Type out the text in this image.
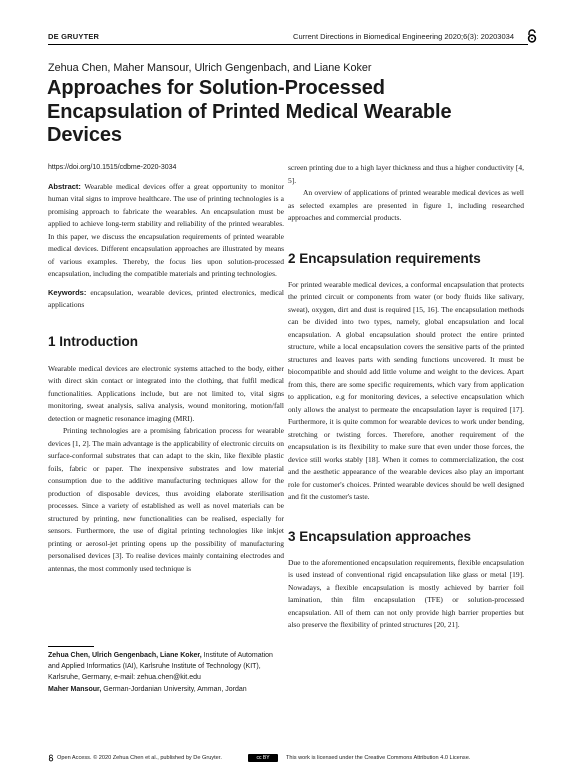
DE GRUYTER	Current Directions in Biomedical Engineering 2020;6(3): 20203034
Zehua Chen, Maher Mansour, Ulrich Gengenbach, and Liane Koker
Approaches for Solution-Processed Encapsulation of Printed Medical Wearable Devices
https://doi.org/10.1515/cdbme-2020-3034

Abstract: Wearable medical devices offer a great opportunity to monitor human vital signs to improve healthcare. The use of printing technologies is a promising approach to fabricate the wearables. An encapsulation must be applied to achieve long-term stability and reliability of the printed wearables. In this paper, we discuss the encapsulation requirements of printed wearable medical devices. Different encapsulation approaches are illustrated by means of various examples. Thereby, the focus lies upon solution-processed encapsulation, including the compatible materials and printing technologies.

Keywords: encapsulation, wearable devices, printed electronics, medical applications

1 Introduction

Wearable medical devices are electronic systems attached to the body, either with direct skin contact or integrated into the clothing, that fulfil medical functionalities. Applications include, but are not limited to, vital signs monitoring, sweat analysis, saliva analysis, wound monitoring, motion/fall detection or magnetic resonance imaging (MRI).

Printing technologies are a promising fabrication process for wearable devices [1, 2]. The main advantage is the applicability of electronic circuits on surface-conformal substrates that can adapt to the skin, like flexible plastic foils, fabric or paper. The inexpensive substrates and low material consumption due to the additive manufacturing techniques allow for the production of disposable devices, thus avoiding elaborate sterilisation processes. Since a variety of established as well as novel materials can be structured by printing, new functionalities can be realised, especially for sensors. Furthermore, the use of digital printing technologies like inkjet printing or aerosol-jet printing opens up the possibility of manufacturing personalised devices [3]. To realise devices mainly containing electrodes and antennas, the most commonly used technique is

Zehua Chen, Ulrich Gengenbach, Liane Koker, Institute of Automation and Applied Informatics (IAI), Karlsruhe Institute of Technology (KIT), Karlsruhe, Germany, e-mail: zehua.chen@kit.edu
Maher Mansour, German-Jordanian University, Amman, Jordan

screen printing due to a high layer thickness and thus a higher conductivity [4, 5].

An overview of applications of printed wearable medical devices as well as selected examples are presented in figure 1, including researched approaches and commercial products.

2 Encapsulation requirements

For printed wearable medical devices, a conformal encapsulation that protects the printed circuit or components from water (or body fluids like salivary, sweat), oxygen, dirt and dust is required [15, 16]. The encapsulation methods can be divided into two types, namely, global encapsulation and local encapsulation. A global encapsulation should protect the entire printed structure, while a local encapsulation covers the sensitive parts of the printed structures and leaves parts with sending functions uncovered. It must be biocompatible and should add little volume and weight to the devices. Apart from this, there are some specific requirements, which vary from application to application, e.g for monitoring devices, a selective encapsulation which only allows the analyst to permeate the encapsulation layer is required [17]. Furthermore, it is quite common for wearable devices to work under bending, stretching or twisting forces. Therefore, another requirement of the encapsulation is its flexibility to make sure that even under those forces, the device still works stably [18]. When it comes to commercialization, the cost and the aesthetic appearance of the wearable devices also play an important role for customer's choices. Printed wearable devices should be well designed and fit the customer's taste.

3 Encapsulation approaches

Due to the aforementioned encapsulation requirements, flexible encapsulation is used instead of conventional rigid encapsulation like glass or metal [19]. Nowadays, a flexible encapsulation is mostly achieved by barrier foil lamination, thin film encapsulation (TFE) or solution-processed encapsulation. All of them can not only provide high barrier properties but also preserve the flexibility of printed structures [20, 21].

Open Access. © 2020 Zehua Chen et al., published by De Gruyter.	cc BY	This work is licensed under the Creative Commons Attribution 4.0 License.
